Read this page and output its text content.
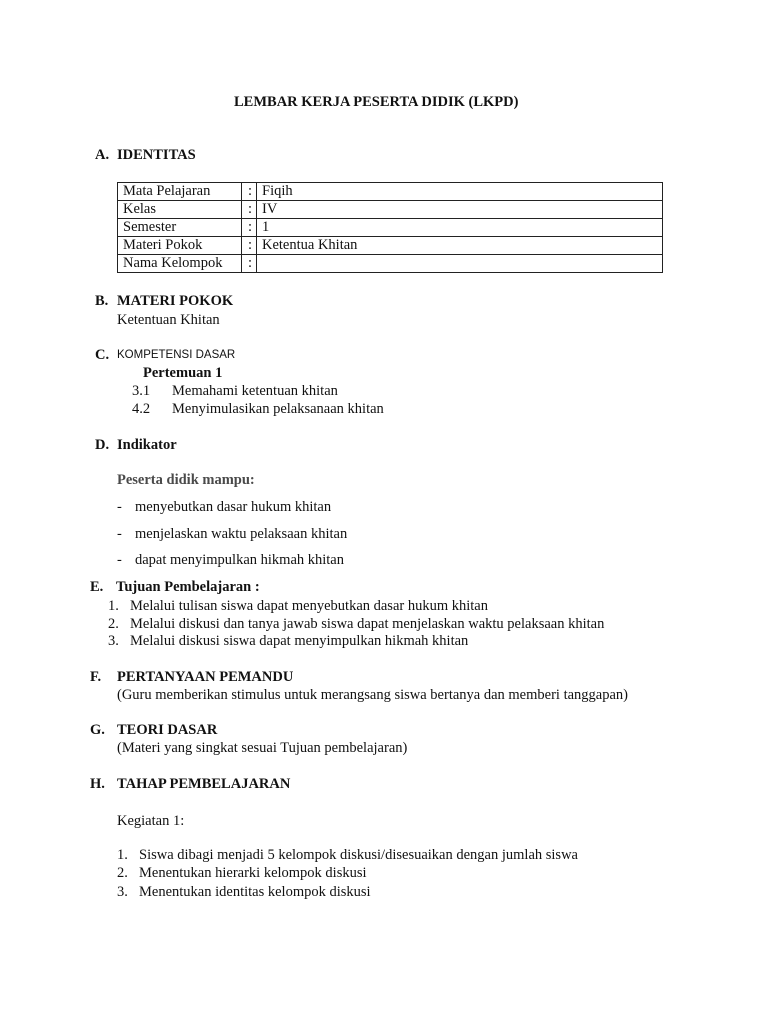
LEMBAR KERJA PESERTA DIDIK (LKPD)
A. IDENTITAS
Mata Pelajaran	:	Fiqih
Kelas	:	IV
Semester	:	1
Materi Pokok	:	Ketentua Khitan
Nama Kelompok	:	
B. MATERI POKOK
Ketentuan Khitan
C. KOMPETENSI DASAR
Pertemuan 1
3.1 Memahami ketentuan khitan
4.2 Menyimulasikan pelaksanaan khitan
D. Indikator
Peserta didik mampu:
- menyebutkan dasar hukum khitan
- menjelaskan waktu pelaksaan khitan
- dapat menyimpulkan hikmah khitan
E. Tujuan Pembelajaran :
1. Melalui tulisan siswa dapat menyebutkan dasar hukum khitan
2. Melalui diskusi dan tanya jawab siswa dapat menjelaskan waktu pelaksaan khitan
3. Melalui diskusi siswa dapat menyimpulkan hikmah khitan
F. PERTANYAAN PEMANDU
(Guru memberikan stimulus untuk merangsang siswa bertanya dan memberi tanggapan)
G. TEORI DASAR
(Materi yang singkat sesuai Tujuan pembelajaran)
H. TAHAP PEMBELAJARAN
Kegiatan 1:
1. Siswa dibagi menjadi 5 kelompok diskusi/disesuaikan dengan jumlah siswa
2. Menentukan hierarki kelompok diskusi
3. Menentukan identitas kelompok diskusi
